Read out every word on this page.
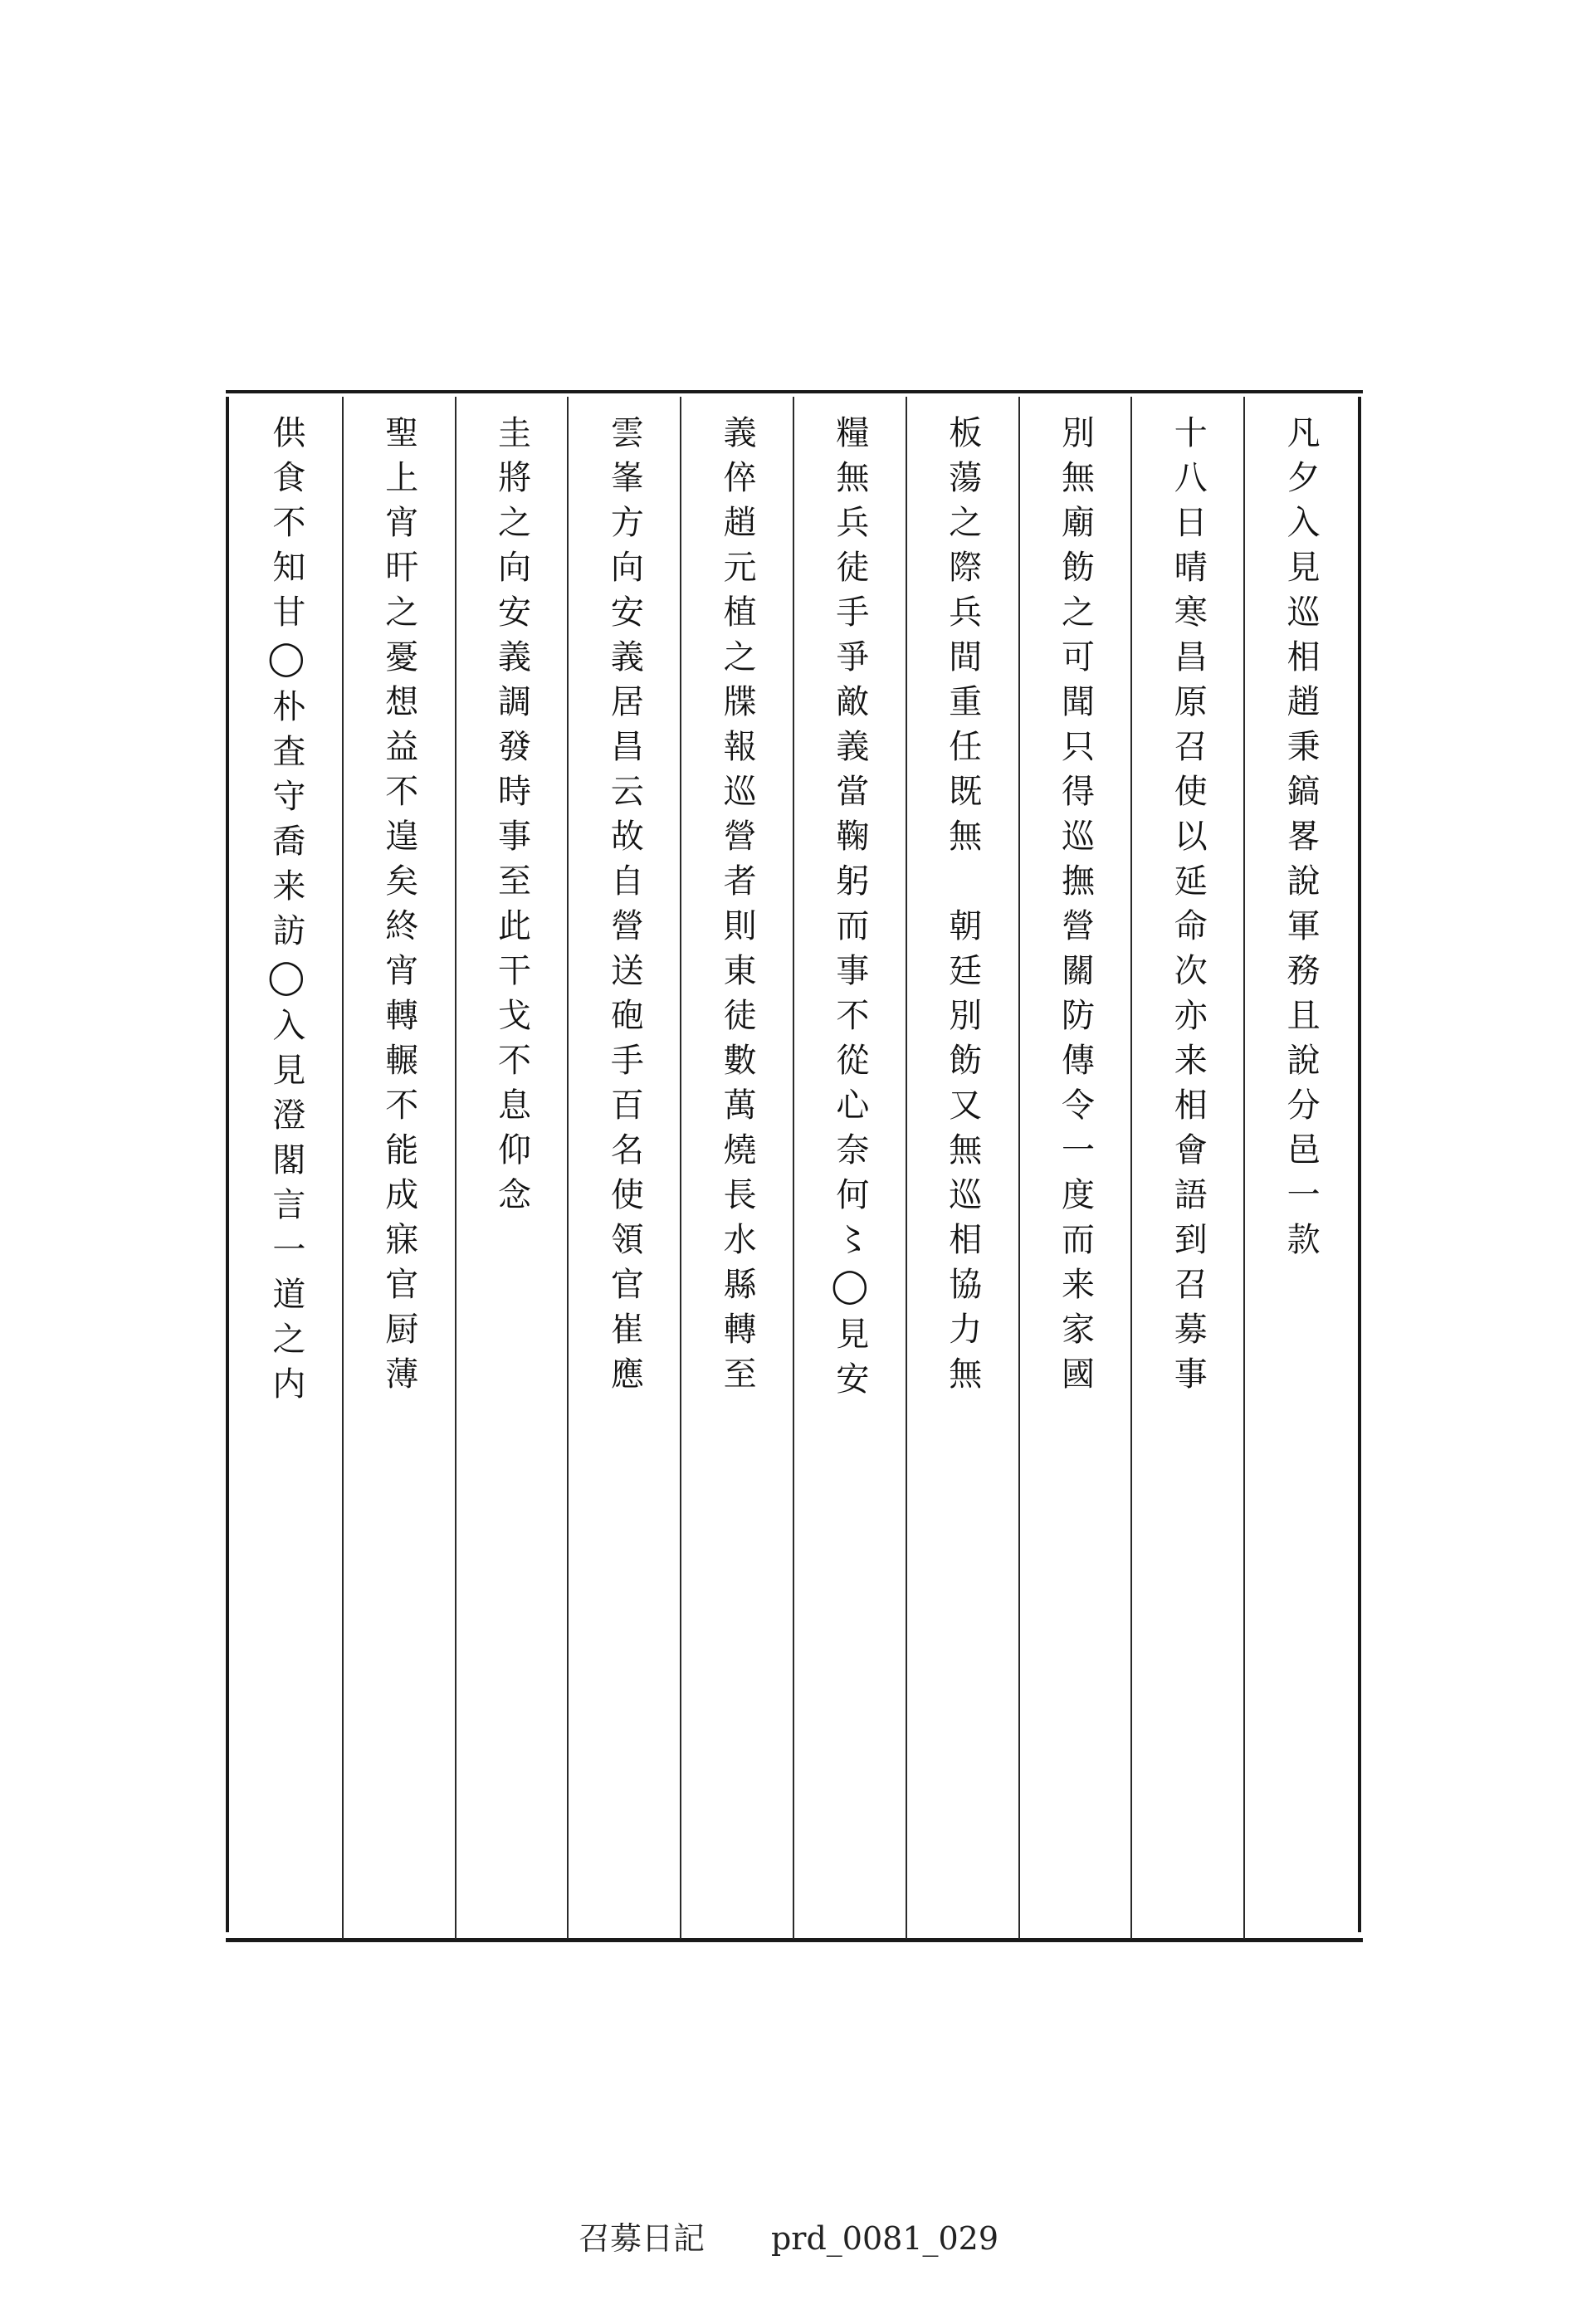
凡夕入見巡相趙秉鎬畧說軍務且說分邑一款
十八日晴寒昌原召使以延命次亦来相會語到召募事
別無廟飭之可聞只得巡撫營關防傳令一度而来家國
板蕩之際兵間重任既無　朝廷別飭又無巡相協力無
糧無兵徒手爭敵義當鞠躬而事不從心奈何〻◯見安
義倅趙元植之牒報巡營者則東徒數萬燒長水縣轉至
雲峯方向安義居昌云故自營送砲手百名使領官崔應
圭將之向安義調發時事至此干戈不息仰念
聖上宵旰之憂想益不遑矣終宵轉輾不能成寐官厨薄
供食不知甘◯朴査守喬来訪◯入見澄閣言一道之内
召募日記 prd_0081_029
